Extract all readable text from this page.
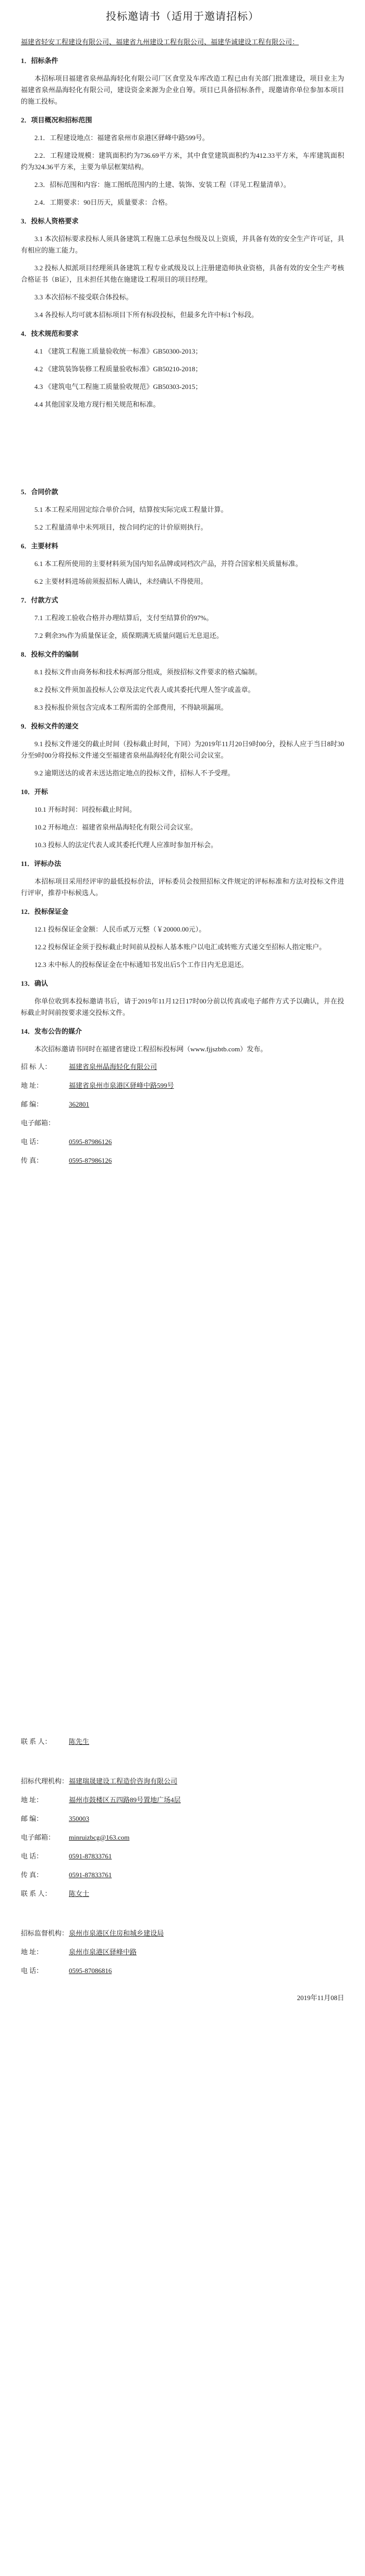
投标邀请书（适用于邀请招标）

福建省轻安工程建设有限公司、福建省九州建设工程有限公司、福建华诚建设工程有限公司：

1．招标条件

本招标项目福建省泉州晶海轻化有限公司厂区食堂及车库改造工程已由有关部门批准建设，项目业主为福建省泉州晶海轻化有限公司，建设资金来源为企业自筹。项目已具备招标条件，现邀请你单位参加本项目的施工投标。

2．项目概况和招标范围

2.1．工程建设地点：福建省泉州市泉港区驿峰中路599号。

2.2．工程建设规模：建筑面积约为736.69平方米，其中食堂建筑面积约为412.33平方米，车库建筑面积约为324.36平方米，主要为单层框架结构。

2.3．招标范围和内容：施工图纸范围内的土建、装饰、安装工程（详见工程量清单）。

2.4．工期要求：90日历天，质量要求：合格。

3．投标人资格要求

3.1 本次招标要求投标人须具备建筑工程施工总承包叁级及以上资质，并具备有效的安全生产许可证，具有相应的施工能力。

3.2 投标人拟派项目经理须具备建筑工程专业贰级及以上注册建造师执业资格，具备有效的安全生产考核合格证书（B证），且未担任其他在施建设工程项目的项目经理。

3.3 本次招标不接受联合体投标。

3.4 各投标人均可就本招标项目下所有标段投标，但最多允许中标1个标段。

4．技术规范和要求

4.1 《建筑工程施工质量验收统一标准》GB50300-2013；

4.2 《建筑装饰装修工程质量验收标准》GB50210-2018；

4.3 《建筑电气工程施工质量验收规范》GB50303-2015；

4.4 其他国家及地方现行相关规范和标准。

5．合同价款

5.1 本工程采用固定综合单价合同，结算按实际完成工程量计算。

5.2 工程量清单中未列项目，按合同约定的计价原则执行。

6．主要材料

6.1 本工程所使用的主要材料须为国内知名品牌或同档次产品，并符合国家相关质量标准。

6.2 主要材料进场前须报招标人确认，未经确认不得使用。

7．付款方式

7.1 工程竣工验收合格并办理结算后，支付至结算价的97%。

7.2 剩余3%作为质量保证金，质保期满无质量问题后无息退还。

8．投标文件的编制

8.1 投标文件由商务标和技术标两部分组成，须按招标文件要求的格式编制。

8.2 投标文件须加盖投标人公章及法定代表人或其委托代理人签字或盖章。

8.3 投标报价须包含完成本工程所需的全部费用，不得缺项漏项。

9．投标文件的递交

9.1 投标文件递交的截止时间（投标截止时间，下同）为2019年11月20日9时00分，投标人应于当日8时30分至9时00分将投标文件递交至福建省泉州晶海轻化有限公司会议室。

9.2 逾期送达的或者未送达指定地点的投标文件，招标人不予受理。

10．开标

10.1 开标时间：同投标截止时间。

10.2 开标地点：福建省泉州晶海轻化有限公司会议室。

10.3 投标人的法定代表人或其委托代理人应准时参加开标会。

11．评标办法

本招标项目采用经评审的最低投标价法，评标委员会按照招标文件规定的评标标准和方法对投标文件进行评审，推荐中标候选人。

12．投标保证金

12.1 投标保证金金额：人民币贰万元整（￥20000.00元）。

12.2 投标保证金须于投标截止时间前从投标人基本账户以电汇或转账方式递交至招标人指定账户。

12.3 未中标人的投标保证金在中标通知书发出后5个工作日内无息退还。

13．确认

你单位收到本投标邀请书后，请于2019年11月12日17时00分前以传真或电子邮件方式予以确认，并在投标截止时间前按要求递交投标文件。

14．发布公告的媒介

本次招标邀请书同时在福建省建设工程招标投标网（www.fjjszbtb.com）发布。

招 标 人：	福建省泉州晶海轻化有限公司

地 址：	福建省泉州市泉港区驿峰中路599号

邮 编：	362801

电子邮箱：

电 话：	0595-87986126

传 真：	0595-87986126

联 系 人：	陈先生

招标代理机构：福建瑞晟建设工程造价咨询有限公司

地 址：	福州市鼓楼区五四路89号置地广场4层

邮 编：	350003

电子邮箱： minruizbcg@163.com

电 话：	0591-87833761

传 真：	0591-87833761

联 系 人：	陈女士

招标监督机构：泉州市泉港区住房和城乡建设局

地 址：	泉州市泉港区驿峰中路

电 话：	0595-87086816

2019年11月08日
